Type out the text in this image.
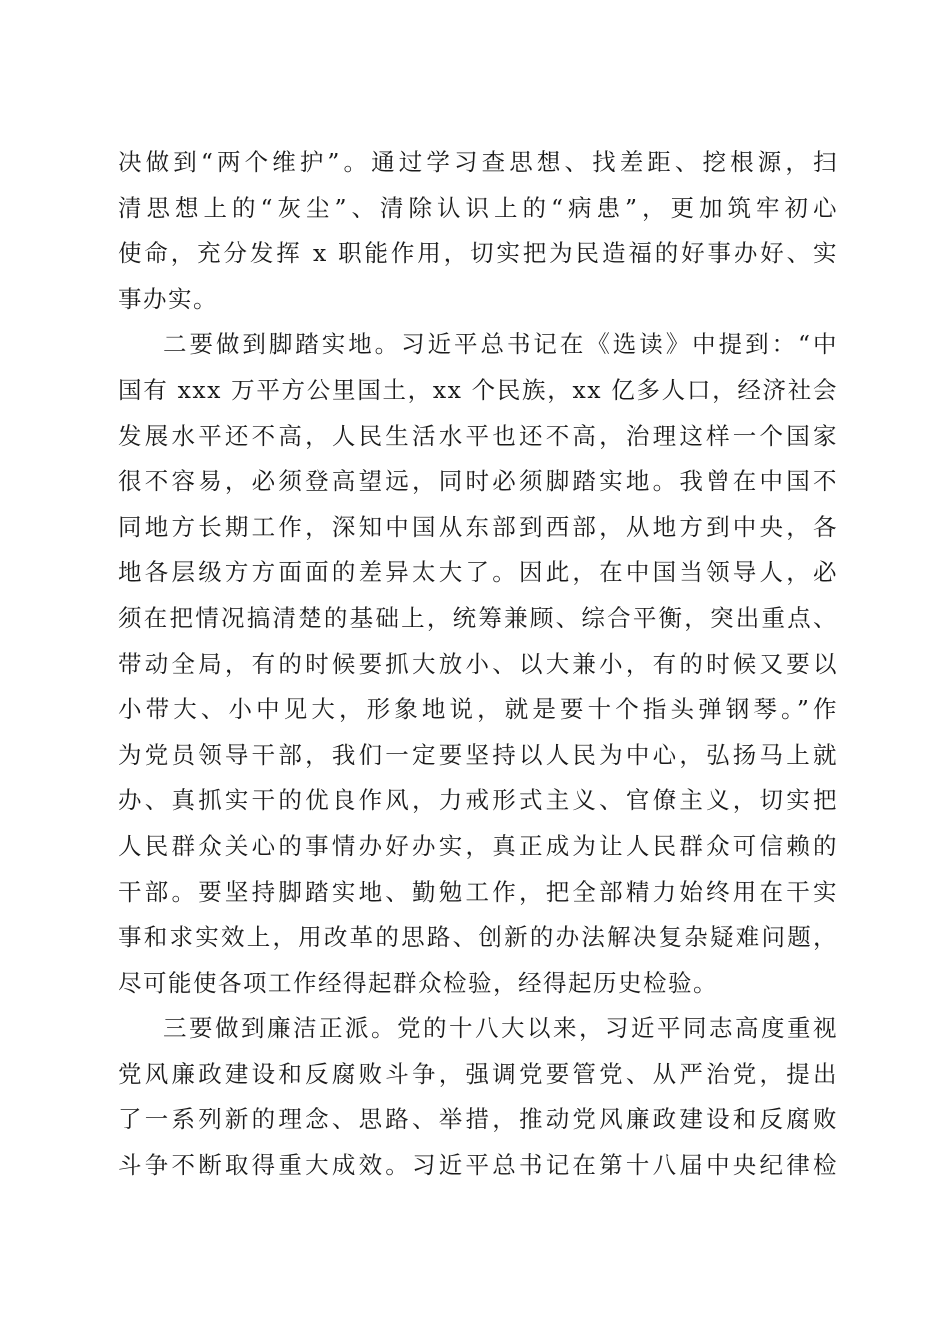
决做到“两个维护”。通过学习查思想、找差距、挖根源，扫
清思想上的“灰尘”、清除认识上的“病患”，更加筑牢初心
使命，充分发挥 x 职能作用，切实把为民造福的好事办好、实
事办实。
二要做到脚踏实地。习近平总书记在《选读》中提到：“中
国有 xxx 万平方公里国土，xx 个民族，xx 亿多人口，经济社会
发展水平还不高，人民生活水平也还不高，治理这样一个国家
很不容易，必须登高望远，同时必须脚踏实地。我曾在中国不
同地方长期工作，深知中国从东部到西部，从地方到中央，各
地各层级方方面面的差异太大了。因此，在中国当领导人，必
须在把情况搞清楚的基础上，统筹兼顾、综合平衡，突出重点、
带动全局，有的时候要抓大放小、以大兼小，有的时候又要以
小带大、小中见大，形象地说，就是要十个指头弹钢琴。”作
为党员领导干部，我们一定要坚持以人民为中心，弘扬马上就
办、真抓实干的优良作风，力戒形式主义、官僚主义，切实把
人民群众关心的事情办好办实，真正成为让人民群众可信赖的
干部。要坚持脚踏实地、勤勉工作，把全部精力始终用在干实
事和求实效上，用改革的思路、创新的办法解决复杂疑难问题，
尽可能使各项工作经得起群众检验，经得起历史检验。
三要做到廉洁正派。党的十八大以来，习近平同志高度重视
党风廉政建设和反腐败斗争，强调党要管党、从严治党，提出
了一系列新的理念、思路、举措，推动党风廉政建设和反腐败
斗争不断取得重大成效。习近平总书记在第十八届中央纪律检
